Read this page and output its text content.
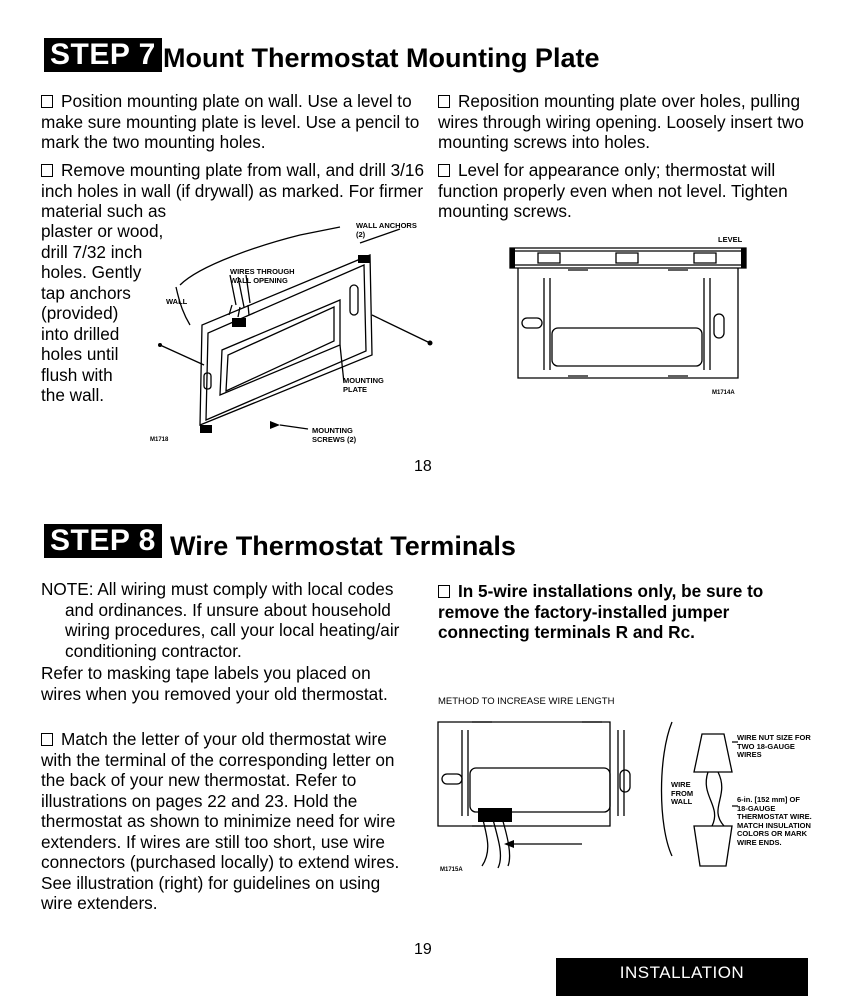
STEP 7 Mount Thermostat Mounting Plate
Position mounting plate on wall. Use a level to make sure mounting plate is level. Use a pencil to mark the two mounting holes.
Remove mounting plate from wall, and drill 3/16 inch holes in wall (if drywall) as marked. For firmer material such as
plaster or wood,
drill 7/32 inch
holes. Gently
tap anchors
(provided)
into drilled
holes until
flush with
the wall.
Reposition mounting plate over holes, pulling wires through wiring opening. Loosely insert two mounting screws into holes.
Level for appearance only; thermostat will function properly even when not level. Tighten mounting screws.
WALL ANCHORS (2)
WIRES THROUGH WALL OPENING
WALL
MOUNTING PLATE
MOUNTING SCREWS (2)
M1718
LEVEL
M1714A
18
STEP 8 Wire Thermostat Terminals
NOTE: All wiring must comply with local codes and ordinances. If unsure about household wiring procedures, call your local heating/air conditioning contractor.
Refer to masking tape labels you placed on wires when you removed your old thermostat.
Match the letter of your old thermostat wire with the terminal of the corresponding letter on the back of your new thermostat. Refer to illustrations on pages 22 and 23. Hold the thermostat as shown to minimize need for wire extenders. If wires are still too short, use wire connectors (purchased locally) to extend wires. See illustration (right) for guidelines on using wire extenders.
In 5-wire installations only, be sure to remove the factory-installed jumper connecting terminals R and Rc.
METHOD TO INCREASE WIRE LENGTH
WIRE NUT SIZE FOR TWO 18-GAUGE WIRES
WIRE FROM WALL	6-in. [152 mm] OF 18-GAUGE THERMOSTAT WIRE. MATCH INSULATION COLORS OR MARK WIRE ENDS.
M1715A
19
INSTALLATION
